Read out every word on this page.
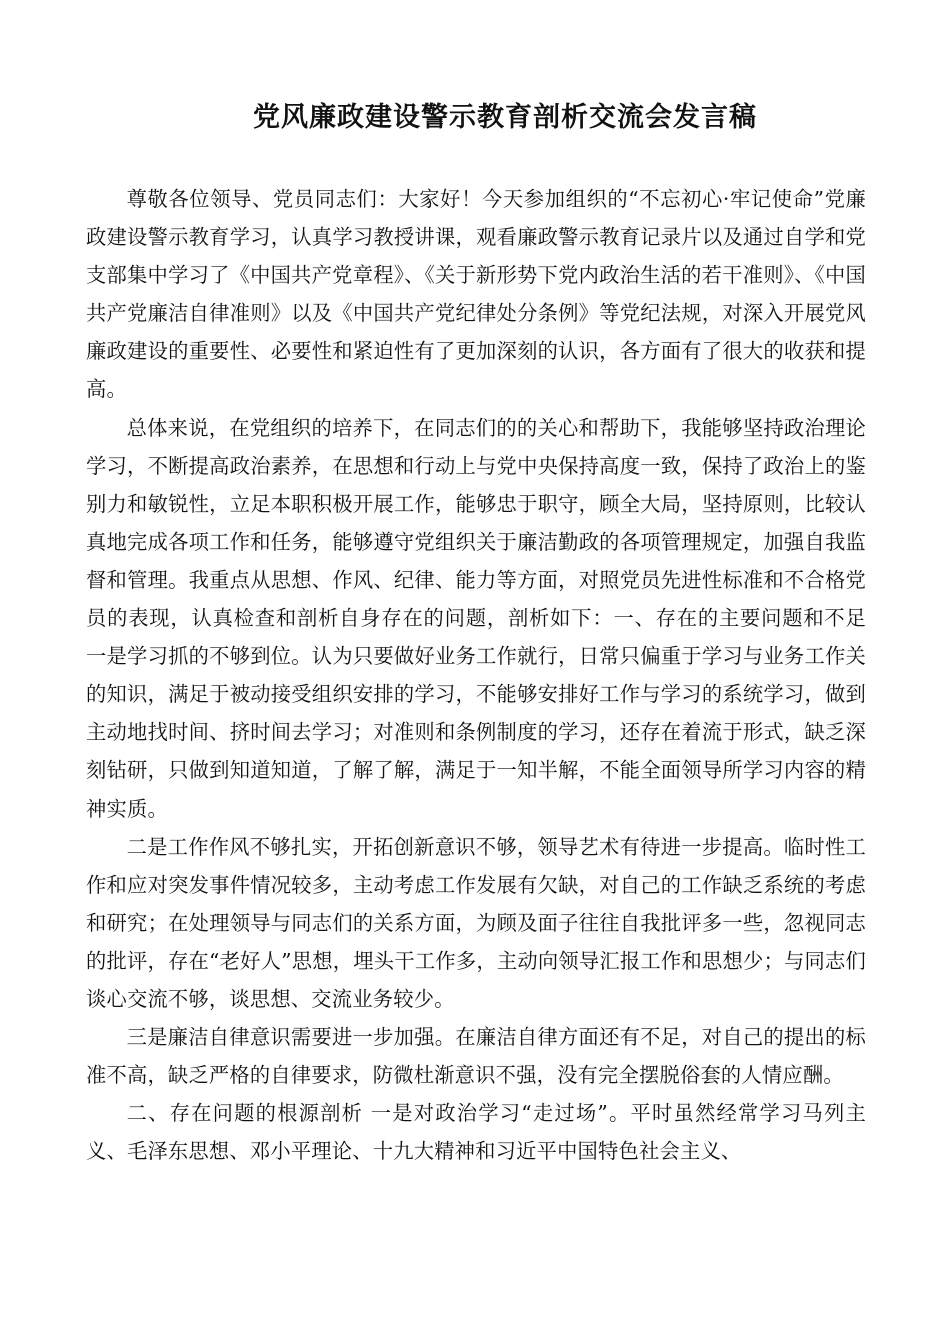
党风廉政建设警示教育剖析交流会发言稿

尊敬各位领导、党员同志们：大家好！今天参加组织的“不忘初心·牢记使命”党廉政建设警示教育学习，认真学习教授讲课，观看廉政警示教育记录片以及通过自学和党支部集中学习了《中国共产党章程》、《关于新形势下党内政治生活的若干准则》、《中国共产党廉洁自律准则》以及《中国共产党纪律处分条例》等党纪法规，对深入开展党风廉政建设的重要性、必要性和紧迫性有了更加深刻的认识，各方面有了很大的收获和提高。

总体来说，在党组织的培养下，在同志们的的关心和帮助下，我能够坚持政治理论学习，不断提高政治素养，在思想和行动上与党中央保持高度一致，保持了政治上的鉴别力和敏锐性，立足本职积极开展工作，能够忠于职守，顾全大局，坚持原则，比较认真地完成各项工作和任务，能够遵守党组织关于廉洁勤政的各项管理规定，加强自我监督和管理。我重点从思想、作风、纪律、能力等方面，对照党员先进性标准和不合格党员的表现，认真检查和剖析自身存在的问题，剖析如下：一、存在的主要问题和不足 一是学习抓的不够到位。认为只要做好业务工作就行，日常只偏重于学习与业务工作关的知识，满足于被动接受组织安排的学习，不能够安排好工作与学习的系统学习，做到主动地找时间、挤时间去学习；对准则和条例制度的学习，还存在着流于形式，缺乏深刻钻研，只做到知道知道，了解了解，满足于一知半解，不能全面领导所学习内容的精神实质。

二是工作作风不够扎实，开拓创新意识不够，领导艺术有待进一步提高。临时性工作和应对突发事件情况较多，主动考虑工作发展有欠缺，对自己的工作缺乏系统的考虑和研究；在处理领导与同志们的关系方面，为顾及面子往往自我批评多一些，忽视同志的批评，存在“老好人”思想，埋头干工作多，主动向领导汇报工作和思想少；与同志们谈心交流不够，谈思想、交流业务较少。

三是廉洁自律意识需要进一步加强。在廉洁自律方面还有不足，对自己的提出的标准不高，缺乏严格的自律要求，防微杜渐意识不强，没有完全摆脱俗套的人情应酬。

二、存在问题的根源剖析 一是对政治学习“走过场”。平时虽然经常学习马列主义、毛泽东思想、邓小平理论、十九大精神和习近平中国特色社会主义、
